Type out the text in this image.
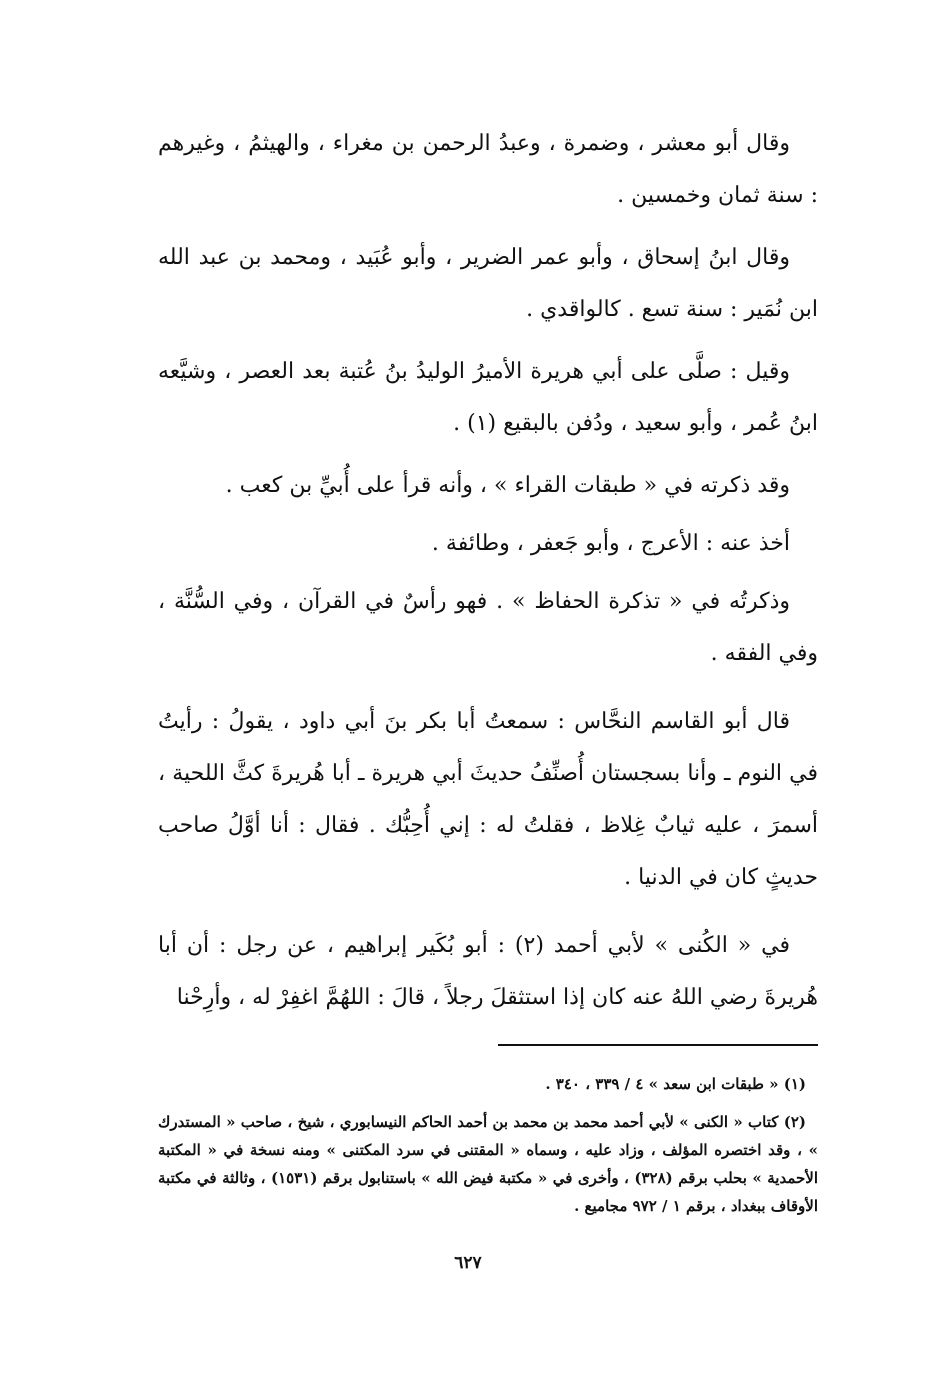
وقال أبو معشر ، وضمرة ، وعبدُ الرحمن بن مغراء ، والهيثمُ ، وغيرهم : سنة ثمان وخمسين .

وقال ابنُ إسحاق ، وأبو عمر الضرير ، وأبو عُبَيد ، ومحمد بن عبد الله ابن نُمَير : سنة تسع . كالواقدي .

وقيل : صلَّى على أبي هريرة الأميرُ الوليدُ بنُ عُتبة بعد العصر ، وشيَّعه ابنُ عُمر ، وأبو سعيد ، ودُفن بالبقيع (١) .

وقد ذكرته في « طبقات القراء » ، وأنه قرأ على أُبيِّ بن كعب .

أخذ عنه : الأعرج ، وأبو جَعفر ، وطائفة .

وذكرتُه في « تذكرة الحفاظ » . فهو رأسٌ في القرآن ، وفي السُّنَّة ، وفي الفقه .

قال أبو القاسم النحَّاس : سمعتُ أبا بكر بنَ أبي داود ، يقولُ : رأيتُ في النوم ـ وأنا بسجستان أُصنِّفُ حديثَ أبي هريرة ـ أبا هُريرةَ كثَّ اللحية ، أسمرَ ، عليه ثيابٌ غِلاظ ، فقلتُ له : إني أُحِبُّك . فقال : أنا أوَّلُ صاحب حديثٍ كان في الدنيا .

في « الكُنى » لأبي أحمد (٢) : أبو بُكَير إبراهيم ، عن رجل : أن أبا هُريرةَ رضي اللهُ عنه كان إذا استثقلَ رجلاً ، قالَ : اللهُمَّ اغفِرْ له ، وأرِحْنا

(١) « طبقات ابن سعد » ٤ / ٣٣٩ ، ٣٤٠ .

(٢) كتاب « الكنى » لأبي أحمد محمد بن محمد بن أحمد الحاكم النيسابوري ، شيخ ، صاحب « المستدرك » ، وقد اختصره المؤلف ، وزاد عليه ، وسماه « المقتنى في سرد المكتنى » ومنه نسخة في « المكتبة الأحمدية » بحلب برقم (٣٢٨) ، وأخرى في « مكتبة فيض الله » باستنابول برقم (١٥٣١) ، وثالثة في مكتبة الأوقاف ببغداد ، برقم ١ / ٩٧٢ مجاميع .

٦٢٧
